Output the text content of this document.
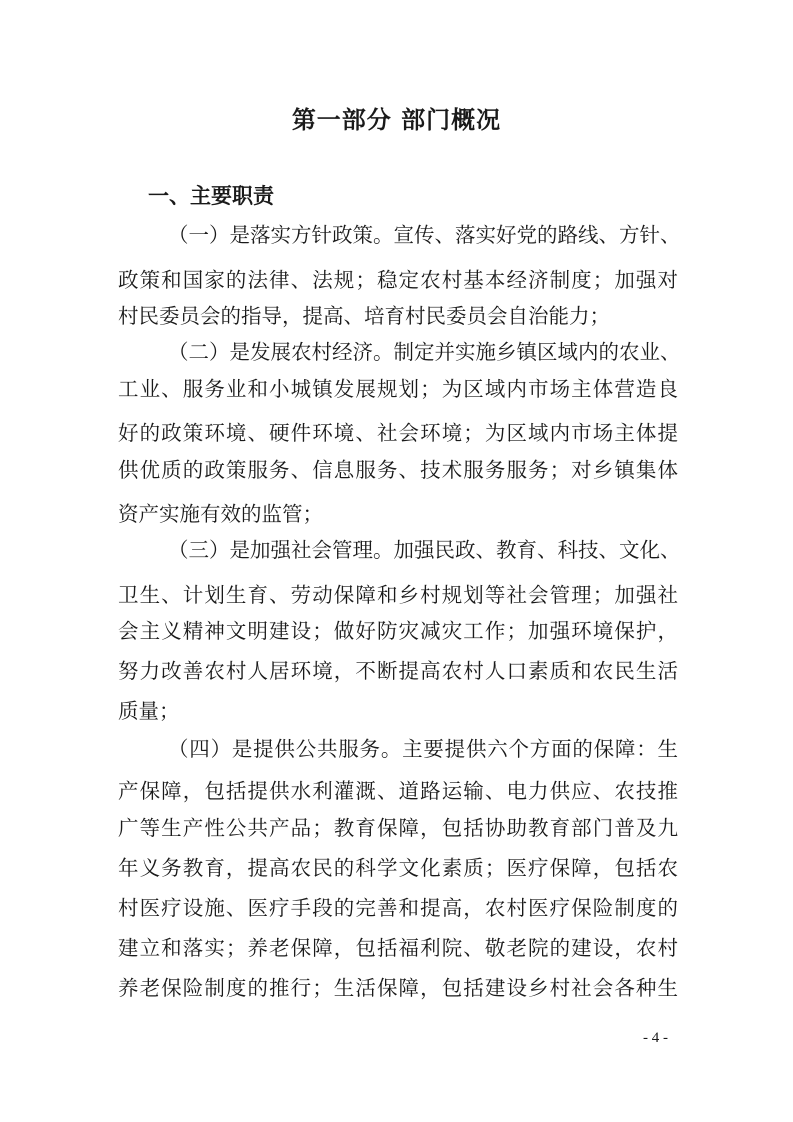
第一部分 部门概况
一、主要职责

（一）是落实方针政策。宣传、落实好党的路线、方针、

政策和国家的法律、法规；稳定农村基本经济制度；加强对

村民委员会的指导，提高、培育村民委员会自治能力；

（二）是发展农村经济。制定并实施乡镇区域内的农业、

工业、服务业和小城镇发展规划；为区域内市场主体营造良

好的政策环境、硬件环境、社会环境；为区域内市场主体提

供优质的政策服务、信息服务、技术服务服务；对乡镇集体

资产实施有效的监管；

（三）是加强社会管理。加强民政、教育、科技、文化、

卫生、计划生育、劳动保障和乡村规划等社会管理；加强社

会主义精神文明建设；做好防灾减灾工作；加强环境保护，

努力改善农村人居环境，不断提高农村人口素质和农民生活

质量；

（四）是提供公共服务。主要提供六个方面的保障：生

产保障，包括提供水利灌溉、道路运输、电力供应、农技推

广等生产性公共产品；教育保障，包括协助教育部门普及九

年义务教育，提高农民的科学文化素质；医疗保障，包括农

村医疗设施、医疗手段的完善和提高，农村医疗保险制度的

建立和落实；养老保障，包括福利院、敬老院的建设，农村

养老保险制度的推行；生活保障，包括建设乡村社会各种生

- 4 -
